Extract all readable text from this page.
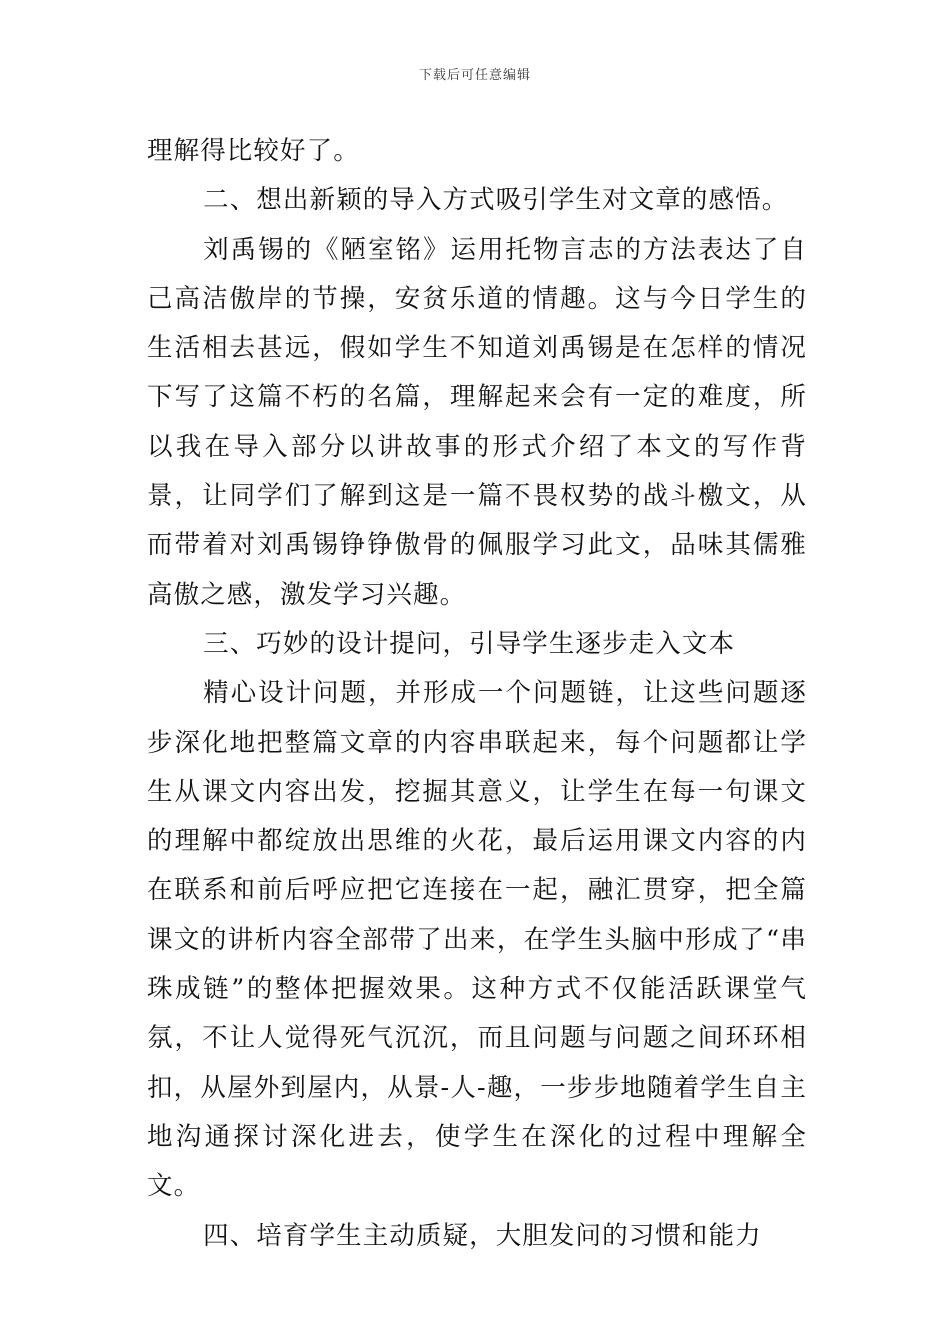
下载后可任意编辑

理解得比较好了。

二、想出新颖的导入方式吸引学生对文章的感悟。

刘禹锡的《陋室铭》运用托物言志的方法表达了自己高洁傲岸的节操，安贫乐道的情趣。这与今日学生的生活相去甚远，假如学生不知道刘禹锡是在怎样的情况下写了这篇不朽的名篇，理解起来会有一定的难度，所以我在导入部分以讲故事的形式介绍了本文的写作背景，让同学们了解到这是一篇不畏权势的战斗檄文，从而带着对刘禹锡铮铮傲骨的佩服学习此文，品味其儒雅高傲之感，激发学习兴趣。

三、巧妙的设计提问，引导学生逐步走入文本

精心设计问题，并形成一个问题链，让这些问题逐步深化地把整篇文章的内容串联起来，每个问题都让学生从课文内容出发，挖掘其意义，让学生在每一句课文的理解中都绽放出思维的火花，最后运用课文内容的内在联系和前后呼应把它连接在一起，融汇贯穿，把全篇课文的讲析内容全部带了出来，在学生头脑中形成了“串珠成链”的整体把握效果。这种方式不仅能活跃课堂气氛，不让人觉得死气沉沉，而且问题与问题之间环环相扣，从屋外到屋内，从景-人-趣，一步步地随着学生自主地沟通探讨深化进去，使学生在深化的过程中理解全文。

四、培育学生主动质疑，大胆发问的习惯和能力
